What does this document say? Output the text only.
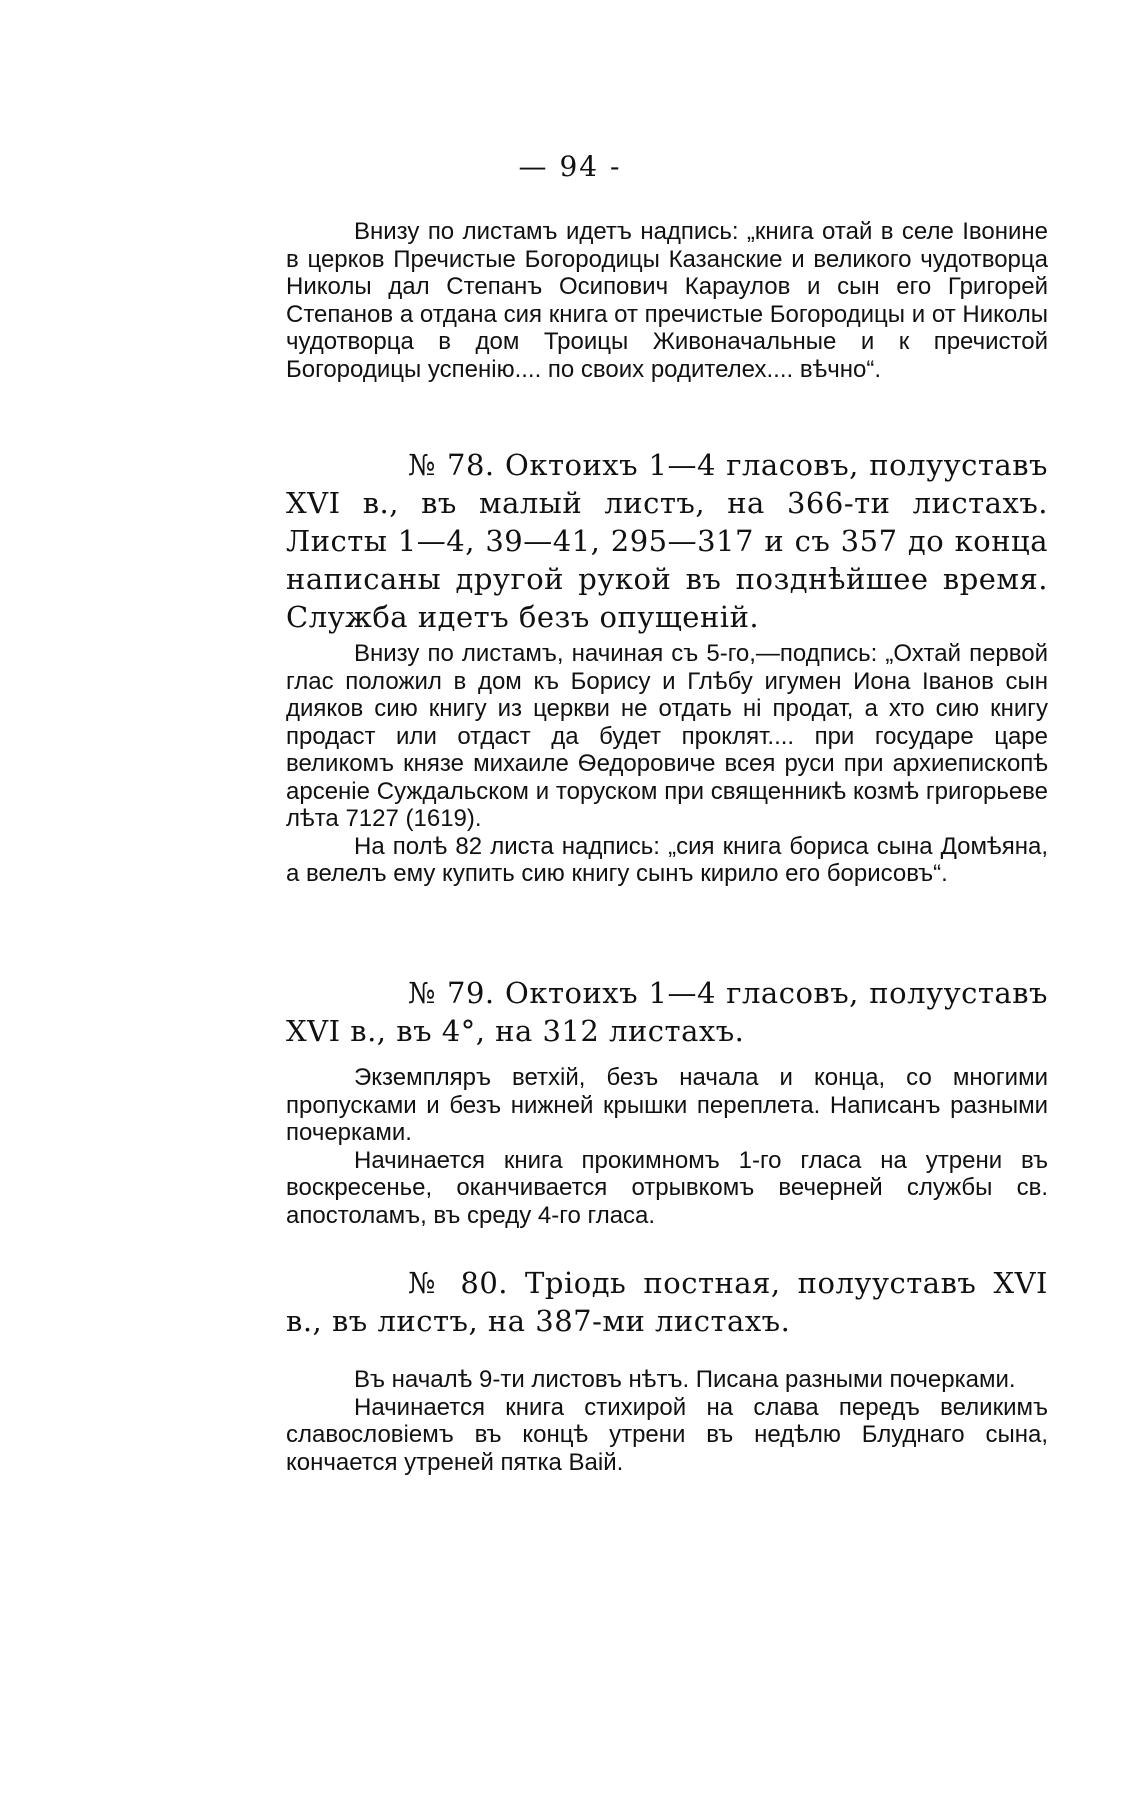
— 94 -

Внизу по листамъ идетъ надпись: „книга отай в селе Івонине в церков Пречистые Богородицы Казанские и великого чудотворца Николы дал Степанъ Осипович Караулов и сын его Григорей Степанов а отдана сия книга от пречистые Богородицы и от Николы чудотворца в дом Троицы Живоначальные и к пречистой Богородицы успенію.... по своих родителех.... вѣчно“.

№ 78. Октоихъ 1—4 гласовъ, полууставъ XVI в., въ малый листъ, на 366-ти листахъ. Листы 1—4, 39—41, 295—317 и съ 357 до конца написаны другой рукой въ позднѣйшее время. Служба идетъ безъ опущеній.

Внизу по листамъ, начиная съ 5-го,—подпись: „Охтай первой глас положил в дом къ Борису и Глѣбу игумен Иона Іванов сын дияков сию книгу из церкви не отдать ні продат, а хто сию книгу продаст или отдаст да будет проклят.... при государе царе великомъ князе михаиле Ѳедоровиче всея руси при архиепископѣ арсеніе Суждальском и торуском при священникѣ козмѣ григорьеве лѣта 7127 (1619).
На полѣ 82 листа надпись: „сия книга бориса сына Домѣяна, а велелъ ему купить сию книгу сынъ кирило его борисовъ“.

№ 79. Октоихъ 1—4 гласовъ, полууставъ XVI в., въ 4°, на 312 листахъ.

Экземпляръ ветхій, безъ начала и конца, со многими пропусками и безъ нижней крышки переплета. Написанъ разными почерками.
Начинается книга прокимномъ 1-го гласа на утрени въ воскресенье, оканчивается отрывкомъ вечерней службы св. апостоламъ, въ среду 4-го гласа.

№ 80. Тріодь постная, полууставъ XVI в., въ листъ, на 387-ми листахъ.

Въ началѣ 9-ти листовъ нѣтъ. Писана разными почерками.
Начинается книга стихирой на слава передъ великимъ славословіемъ въ концѣ утрени въ недѣлю Блуднаго сына, кончается утреней пятка Ваій.
